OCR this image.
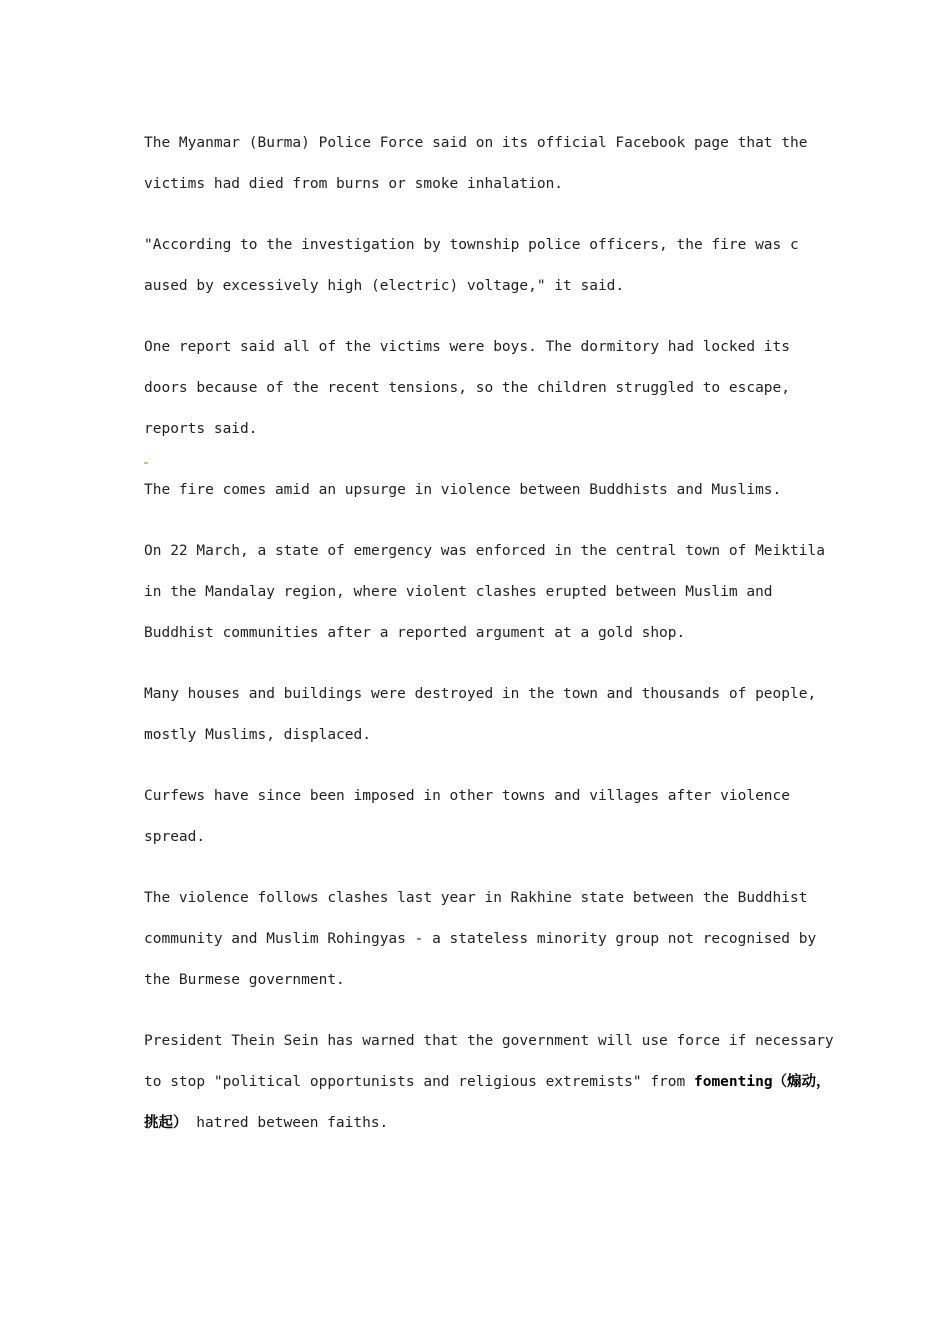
The Myanmar (Burma) Police Force said on its official Facebook page that the
victims had died from burns or smoke inhalation.

"According to the investigation by township police officers, the fire was c
aused by excessively high (electric) voltage," it said.

One report said all of the victims were boys. The dormitory had locked its
doors because of the recent tensions, so the children struggled to escape,
reports said.

The fire comes amid an upsurge in violence between Buddhists and Muslims.

On 22 March, a state of emergency was enforced in the central town of Meiktila
in the Mandalay region, where violent clashes erupted between Muslim and
Buddhist communities after a reported argument at a gold shop.

Many houses and buildings were destroyed in the town and thousands of people,
mostly Muslims, displaced.

Curfews have since been imposed in other towns and villages after violence
spread.

The violence follows clashes last year in Rakhine state between the Buddhist
community and Muslim Rohingyas - a stateless minority group not recognised by
the Burmese government.

President Thein Sein has warned that the government will use force if necessary
to stop "political opportunists and religious extremists" from fomenting（煽动，
挑起） hatred between faiths.
